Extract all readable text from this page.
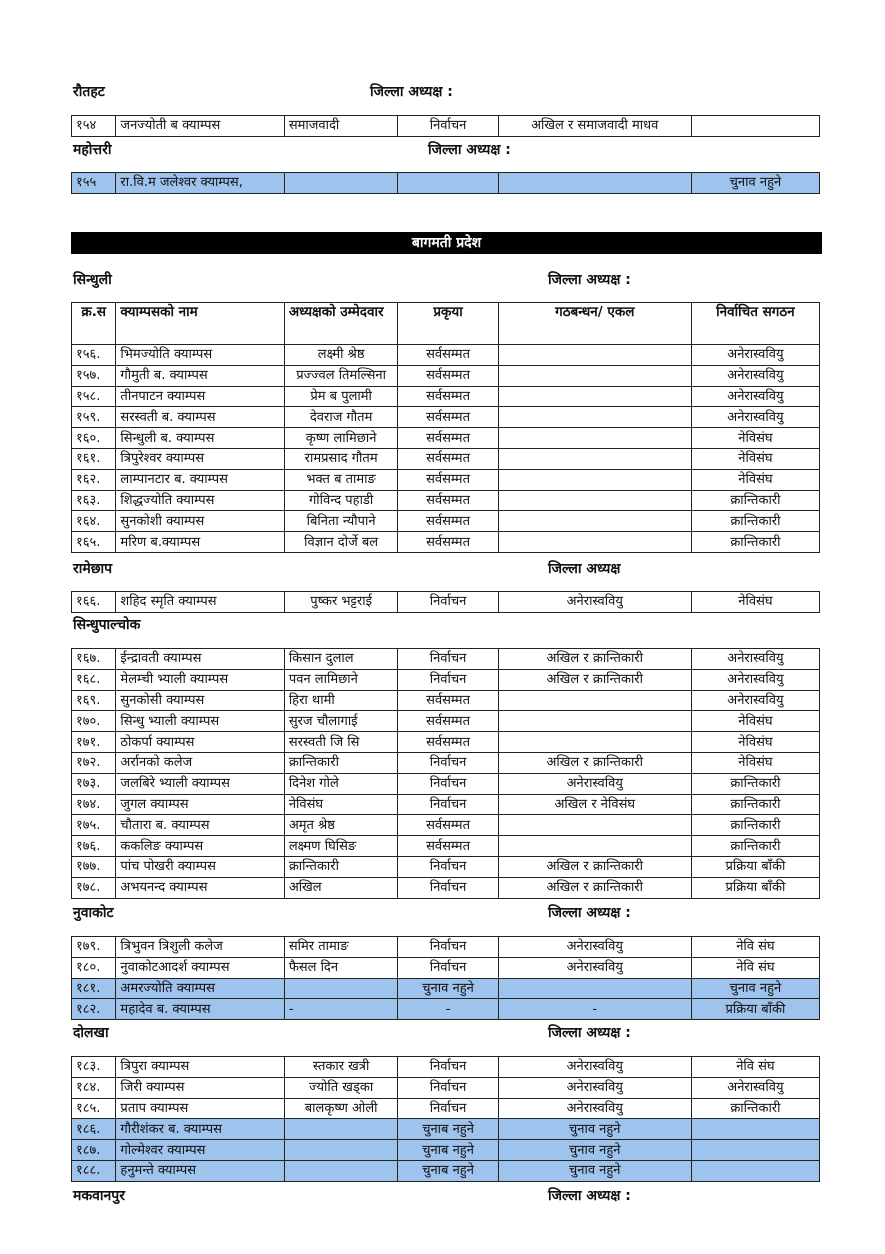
रौतहट	जिल्ला अध्यक्ष :
१५४	जनज्योती ब क्याम्पस	समाजवादी	निर्वाचन	अखिल र समाजवादी माधव	
महोत्तरी	जिल्ला अध्यक्ष :
१५५	रा.वि.म जलेश्वर क्याम्पस,				चुनाव नहुने
बागमती प्रदेश
सिन्धुली	जिल्ला अध्यक्ष :
क्र.स	क्याम्पसको नाम	अध्यक्षको उम्मेदवार	प्रकृया	गठबन्धन/ एकल	निर्वाचित सगठन
१५६.	भिमज्योति क्याम्पस	लक्ष्मी श्रेष्ठ	सर्वसम्मत		अनेरास्ववियु
१५७.	गौमुती ब. क्याम्पस	प्रज्ज्वल तिमल्सिना	सर्वसम्मत		अनेरास्ववियु
१५८.	तीनपाटन क्याम्पस	प्रेम ब पुलामी	सर्वसम्मत		अनेरास्ववियु
१५९.	सरस्वती ब. क्याम्पस	देवराज गौतम	सर्वसम्मत		अनेरास्ववियु
१६०.	सिन्धुली ब. क्याम्पस	कृष्ण लामिछाने	सर्वसम्मत		नेविसंघ
१६१.	त्रिपुरेश्वर क्याम्पस	रामप्रसाद गौतम	सर्वसम्मत		नेविसंघ
१६२.	लाम्पानटार ब. क्याम्पस	भक्त ब तामाङ	सर्वसम्मत		नेविसंघ
१६३.	शिद्धज्योति क्याम्पस	गोविन्द पहाडी	सर्वसम्मत		क्रान्तिकारी
१६४.	सुनकोशी क्याम्पस	बिनिता न्यौपाने	सर्वसम्मत		क्रान्तिकारी
१६५.	मरिण ब.क्याम्पस	विज्ञान दोर्जे बल	सर्वसम्मत		क्रान्तिकारी
रामेछाप	जिल्ला अध्यक्ष
१६६.	शहिद स्मृति क्याम्पस	पुष्कर भट्टराई	निर्वाचन	अनेरास्ववियु	नेविसंघ
सिन्धुपाल्चोक
१६७.	ईन्द्रावती क्याम्पस	किसान दुलाल	निर्वाचन	अखिल र क्रान्तिकारी	अनेरास्ववियु
१६८.	मेलम्ची भ्याली क्याम्पस	पवन लामिछाने	निर्वाचन	अखिल र क्रान्तिकारी	अनेरास्ववियु
१६९.	सुनकोसी क्याम्पस	हिरा थामी	सर्वसम्मत		अनेरास्ववियु
१७०.	सिन्धु भ्याली क्याम्पस	सुरज चौलागाई	सर्वसम्मत		नेविसंघ
१७१.	ठोकर्पा क्याम्पस	सरस्वती जि सि	सर्वसम्मत		नेविसंघ
१७२.	अर्रानको कलेज	क्रान्तिकारी	निर्वाचन	अखिल र क्रान्तिकारी	नेविसंघ
१७३.	जलबिरे भ्याली क्याम्पस	दिनेश गोले	निर्वाचन	अनेरास्ववियु	क्रान्तिकारी
१७४.	जुगल क्याम्पस	नेविसंघ	निर्वाचन	अखिल र नेविसंघ	क्रान्तिकारी
१७५.	चौतारा ब. क्याम्पस	अमृत श्रेष्ठ	सर्वसम्मत		क्रान्तिकारी
१७६.	ककलिङ क्याम्पस	लक्ष्मण घिसिङ	सर्वसम्मत		क्रान्तिकारी
१७७.	पांच पोखरी क्याम्पस	क्रान्तिकारी	निर्वाचन	अखिल र क्रान्तिकारी	प्रक्रिया बाँकी
१७८.	अभयनन्द क्याम्पस	अखिल	निर्वाचन	अखिल र क्रान्तिकारी	प्रक्रिया बाँकी
नुवाकोट	जिल्ला अध्यक्ष :
१७९.	त्रिभुवन त्रिशुली कलेज	समिर तामाङ	निर्वाचन	अनेरास्ववियु	नेवि संघ
१८०.	नुवाकोटआदर्श क्याम्पस	फैसल दिन	निर्वाचन	अनेरास्ववियु	नेवि संघ
१८१.	अमरज्योति क्याम्पस		चुनाव नहुने		चुनाव नहुने
१८२.	महादेव ब. क्याम्पस	-	-	-	प्रक्रिया बाँकी
दोलखा	जिल्ला अध्यक्ष :
१८३.	त्रिपुरा क्याम्पस	स्तकार खत्री	निर्वाचन	अनेरास्ववियु	नेवि संघ
१८४.	जिरी क्याम्पस	ज्योति खड्का	निर्वाचन	अनेरास्ववियु	अनेरास्ववियु
१८५.	प्रताप क्याम्पस	बालकृष्ण ओली	निर्वाचन	अनेरास्ववियु	क्रान्तिकारी
१८६.	गौरीशंकर ब. क्याम्पस		चुनाब नहुने	चुनाव नहुने	
१८७.	गोल्मेश्वर क्याम्पस		चुनाब नहुने	चुनाव नहुने	
१८८.	हनुमन्ते क्याम्पस		चुनाब नहुने	चुनाव नहुने	
मकवानपुर	जिल्ला अध्यक्ष :
